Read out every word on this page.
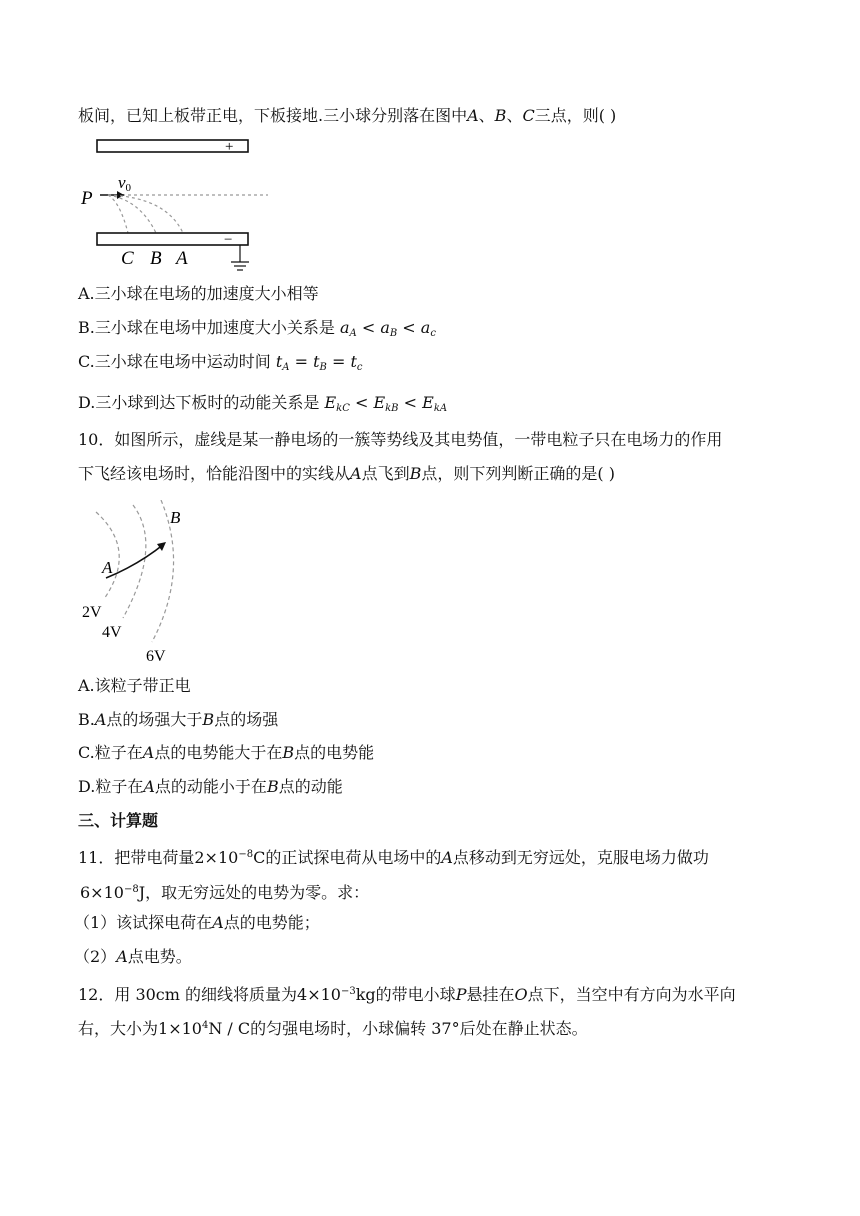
板间，已知上板带正电，下板接地.三小球分别落在图中A、B、C三点，则( )
+
P
v0
−
C B A
A.三小球在电场的加速度大小相等
B.三小球在电场中加速度大小关系是 $a_A < a_B < a_c$
C.三小球在电场中运动时间 $t_A = t_B = t_c$
D.三小球到达下板时的动能关系是 $E_{kC} < E_{kB} < E_{kA}$
10．如图所示，虚线是某一静电场的一簇等势线及其电势值，一带电粒子只在电场力的作用
下飞经该电场时，恰能沿图中的实线从A点飞到B点，则下列判断正确的是( )
A
B
2V
4V
6V
A.该粒子带正电
B.A点的场强大于B点的场强
C.粒子在A点的电势能大于在B点的电势能
D.粒子在A点的动能小于在B点的动能
三、计算题
11．把带电荷量$2\times 10^{-8}C$的正试探电荷从电场中的A点移动到无穷远处，克服电场力做功
$6\times 10^{-8}J$，取无穷远处的电势为零。求：
（1）该试探电荷在A点的电势能；
（2）A点电势。
12．用 30cm 的细线将质量为$4\times 10^{-3}kg$的带电小球P悬挂在O点下，当空中有方向为水平向
右，大小为$1\times 10^4N / C$的匀强电场时，小球偏转 37°后处在静止状态。
